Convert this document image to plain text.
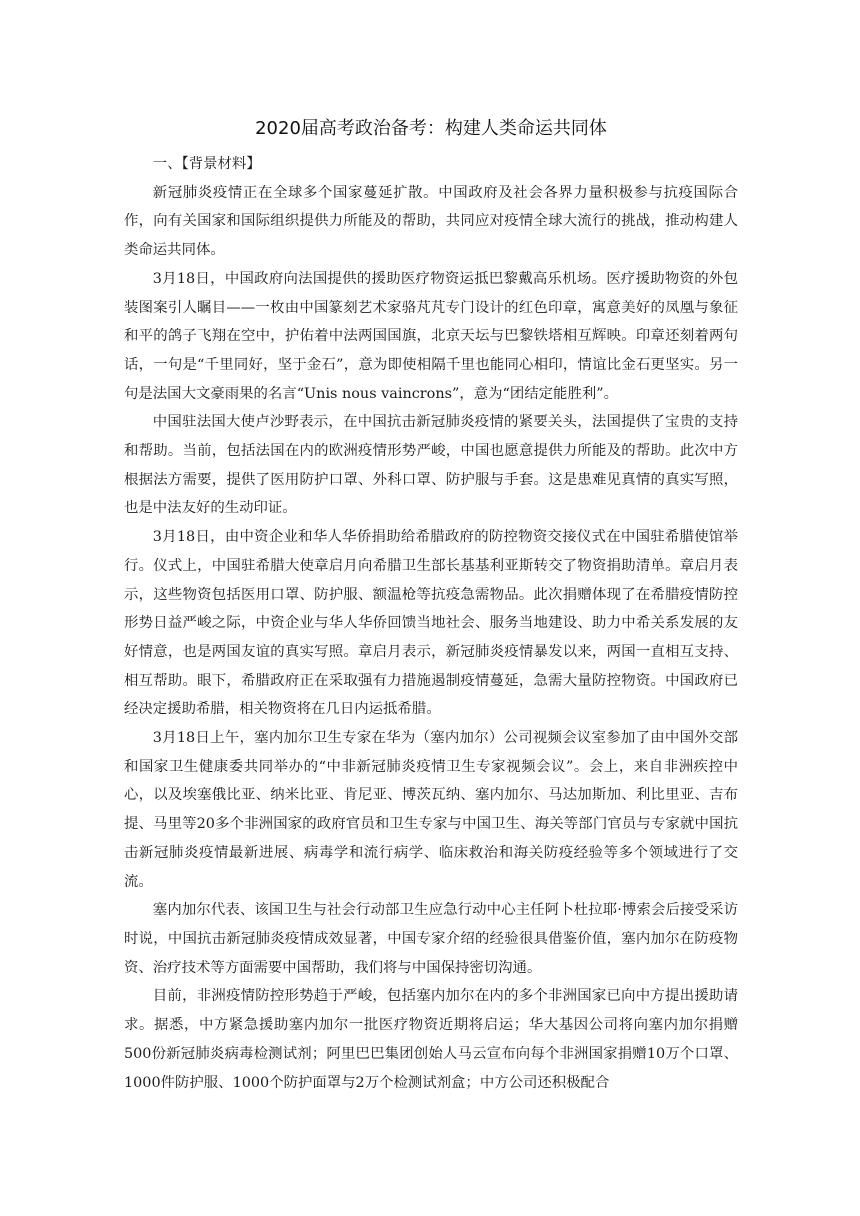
2020届高考政治备考：构建人类命运共同体

一、【背景材料】

新冠肺炎疫情正在全球多个国家蔓延扩散。中国政府及社会各界力量积极参与抗疫国际合作，向有关国家和国际组织提供力所能及的帮助，共同应对疫情全球大流行的挑战，推动构建人类命运共同体。

3月18日，中国政府向法国提供的援助医疗物资运抵巴黎戴高乐机场。医疗援助物资的外包装图案引人瞩目——一枚由中国篆刻艺术家骆芃芃专门设计的红色印章，寓意美好的凤凰与象征和平的鸽子飞翔在空中，护佑着中法两国国旗，北京天坛与巴黎铁塔相互辉映。印章还刻着两句话，一句是“千里同好，坚于金石”，意为即使相隔千里也能同心相印，情谊比金石更坚实。另一句是法国大文豪雨果的名言“Unis nous vaincrons”，意为“团结定能胜利”。

中国驻法国大使卢沙野表示，在中国抗击新冠肺炎疫情的紧要关头，法国提供了宝贵的支持和帮助。当前，包括法国在内的欧洲疫情形势严峻，中国也愿意提供力所能及的帮助。此次中方根据法方需要，提供了医用防护口罩、外科口罩、防护服与手套。这是患难见真情的真实写照，也是中法友好的生动印证。

3月18日，由中资企业和华人华侨捐助给希腊政府的防控物资交接仪式在中国驻希腊使馆举行。仪式上，中国驻希腊大使章启月向希腊卫生部长基基利亚斯转交了物资捐助清单。章启月表示，这些物资包括医用口罩、防护服、额温枪等抗疫急需物品。此次捐赠体现了在希腊疫情防控形势日益严峻之际，中资企业与华人华侨回馈当地社会、服务当地建设、助力中希关系发展的友好情意，也是两国友谊的真实写照。章启月表示，新冠肺炎疫情暴发以来，两国一直相互支持、相互帮助。眼下，希腊政府正在采取强有力措施遏制疫情蔓延，急需大量防控物资。中国政府已经决定援助希腊，相关物资将在几日内运抵希腊。

3月18日上午，塞内加尔卫生专家在华为（塞内加尔）公司视频会议室参加了由中国外交部和国家卫生健康委共同举办的“中非新冠肺炎疫情卫生专家视频会议”。会上，来自非洲疾控中心，以及埃塞俄比亚、纳米比亚、肯尼亚、博茨瓦纳、塞内加尔、马达加斯加、利比里亚、吉布提、马里等20多个非洲国家的政府官员和卫生专家与中国卫生、海关等部门官员与专家就中国抗击新冠肺炎疫情最新进展、病毒学和流行病学、临床救治和海关防疫经验等多个领域进行了交流。

塞内加尔代表、该国卫生与社会行动部卫生应急行动中心主任阿卜杜拉耶·博索会后接受采访时说，中国抗击新冠肺炎疫情成效显著，中国专家介绍的经验很具借鉴价值，塞内加尔在防疫物资、治疗技术等方面需要中国帮助，我们将与中国保持密切沟通。

目前，非洲疫情防控形势趋于严峻，包括塞内加尔在内的多个非洲国家已向中方提出援助请求。据悉，中方紧急援助塞内加尔一批医疗物资近期将启运；华大基因公司将向塞内加尔捐赠500份新冠肺炎病毒检测试剂；阿里巴巴集团创始人马云宣布向每个非洲国家捐赠10万个口罩、1000件防护服、1000个防护面罩与2万个检测试剂盒；中方公司还积极配合
